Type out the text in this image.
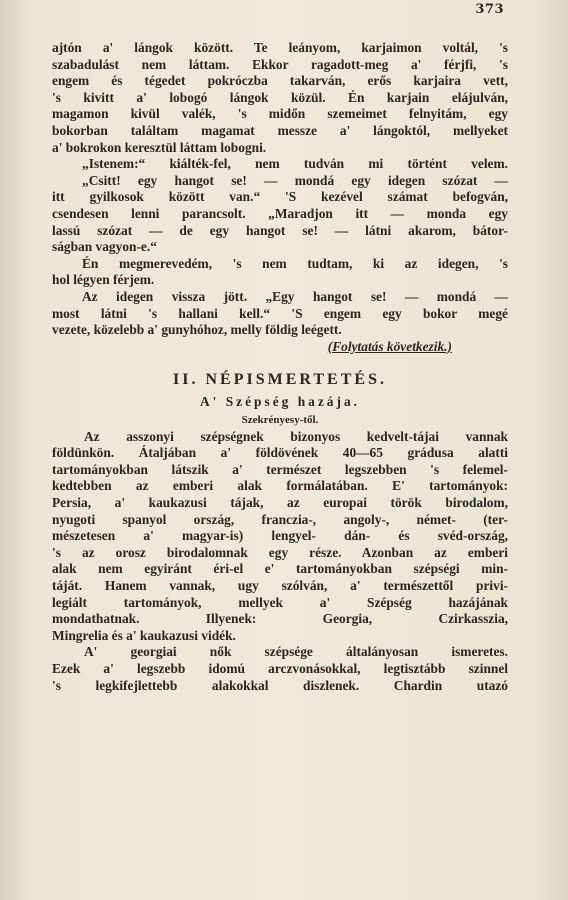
373
ajtón a' lángok között. Te leányom, karjaimon voltál, 's
szabadulást nem láttam. Ekkor ragadott-meg a' férjfi, 's
engem és tégedet pokróczba takarván, erős karjaira vett,
's kivitt a' lobogó lángok közül. Én karjain elájulván,
magamon kivül valék, 's midőn szemeimet felnyitám, egy
bokorban találtam magamat messze a' lángoktól, mellyeket
a' bokrokon keresztül láttam lobogni.
„Istenem:“ kiálték-fel, nem tudván mi történt velem.
„Csitt! egy hangot se! — mondá egy idegen szózat —
itt gyilkosok között van.“ 'S kezével számat befogván,
csendesen lenni parancsolt. „Maradjon itt — monda egy
lassú szózat — de egy hangot se! — látni akarom, bátor-
ságban vagyon-e.“
Én megmerevedém, 's nem tudtam, ki az idegen, 's
hol légyen férjem.
Az idegen vissza jött. „Egy hangot se! — mondá —
most látni 's hallani kell.“ 'S engem egy bokor megé
vezete, közelebb a' gunyhóhoz, melly földig leégett.
(Folytatás következik.)
II. NÉPISMERTETÉS.
A' Szépség hazája.
Szekrényesy-től.
Az asszonyi szépségnek bizonyos kedvelt-tájai vannak
földünkön. Átaljában a' földövének 40—65 grádusa alatti
tartományokban látszik a' természet legszebben 's felemel-
kedtebben az emberi alak formálatában. E' tartományok:
Persia, a' kaukazusi tájak, az europai török birodalom,
nyugoti spanyol ország, franczia-, angoly-, német- (ter-
mészetesen a' magyar-is) lengyel- dán- és svéd-ország,
's az orosz birodalomnak egy része. Azonban az emberi
alak nem egyiránt éri-el e' tartományokban szépségi min-
táját. Hanem vannak, ugy szólván, a' természettől privi-
legiált tartományok, mellyek a' Szépség hazájának
mondathatnak. Illyenek: Georgia, Czirkasszia,
Mingrelia és a' kaukazusi vidék.
A' georgiai nők szépsége általányosan ismeretes.
Ezek a' legszebb idomú arczvonásokkal, legtisztább szinnel
's legkifejlettebb alakokkal diszlenek. Chardin utazó
